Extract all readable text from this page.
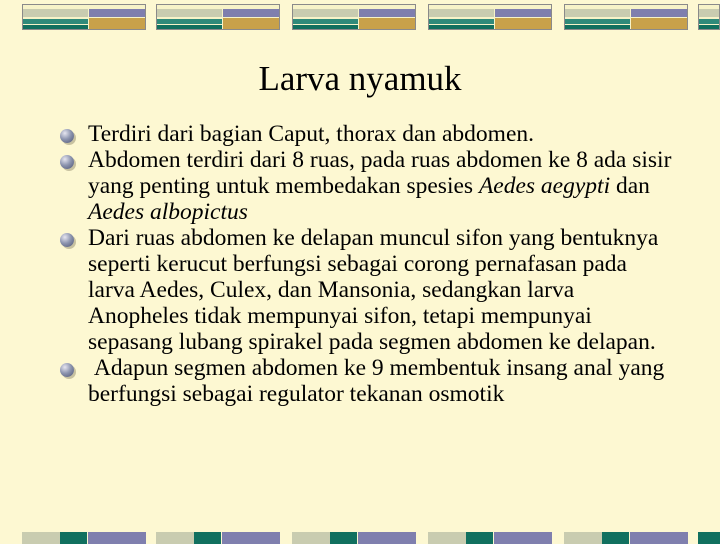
Larva nyamuk
Terdiri dari bagian Caput, thorax dan abdomen.
Abdomen terdiri dari 8 ruas, pada ruas abdomen ke 8 ada sisir yang penting untuk membedakan spesies Aedes aegypti dan Aedes albopictus
Dari ruas abdomen ke delapan muncul sifon yang bentuknya seperti kerucut berfungsi sebagai corong pernafasan pada larva Aedes, Culex, dan Mansonia, sedangkan larva Anopheles tidak mempunyai sifon, tetapi mempunyai sepasang lubang spirakel pada segmen abdomen ke delapan.
Adapun segmen abdomen ke 9 membentuk insang anal yang berfungsi sebagai regulator tekanan osmotik
